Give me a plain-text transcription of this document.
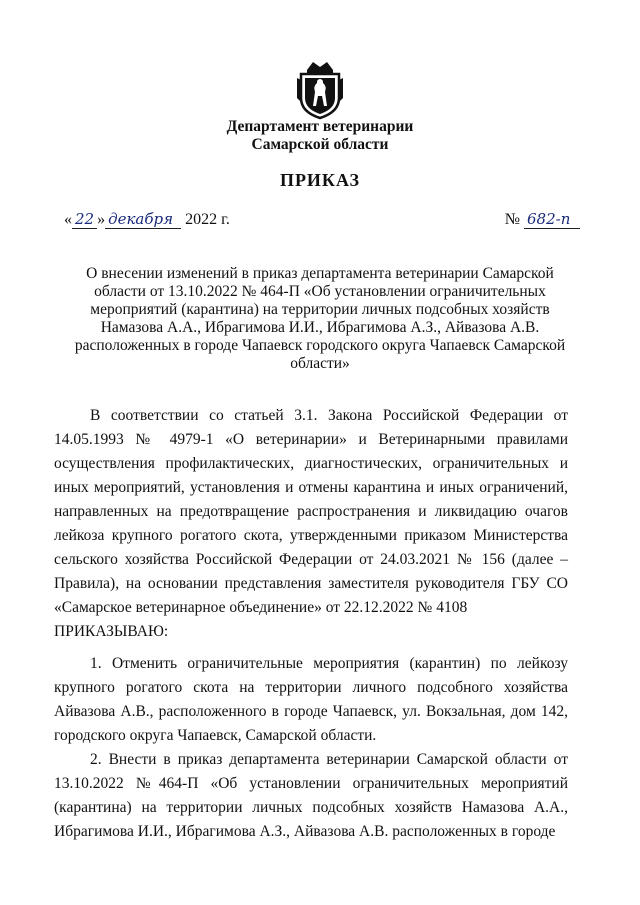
Департамент ветеринарии
Самарской области
ПРИКАЗ
« 22 » декабря 2022 г.	№ 682-п
О внесении изменений в приказ департамента ветеринарии Самарской области от 13.10.2022 № 464-П «Об установлении ограничительных мероприятий (карантина) на территории личных подсобных хозяйств Намазова А.А., Ибрагимова И.И., Ибрагимова А.З., Айвазова А.В. расположенных в городе Чапаевск городского округа Чапаевск Самарской области»
В соответствии со статьей 3.1. Закона Российской Федерации от 14.05.1993 № 4979-1 «О ветеринарии» и Ветеринарными правилами осуществления профилактических, диагностических, ограничительных и иных мероприятий, установления и отмены карантина и иных ограничений, направленных на предотвращение распространения и ликвидацию очагов лейкоза крупного рогатого скота, утвержденными приказом Министерства сельского хозяйства Российской Федерации от 24.03.2021 № 156 (далее – Правила), на основании представления заместителя руководителя ГБУ СО «Самарское ветеринарное объединение» от 22.12.2022 № 4108
ПРИКАЗЫВАЮ:
1. Отменить ограничительные мероприятия (карантин) по лейкозу крупного рогатого скота на территории личного подсобного хозяйства Айвазова А.В., расположенного в городе Чапаевск, ул. Вокзальная, дом 142, городского округа Чапаевск, Самарской области.
2. Внести в приказ департамента ветеринарии Самарской области от 13.10.2022 №464-П «Об установлении ограничительных мероприятий (карантина) на территории личных подсобных хозяйств Намазова А.А., Ибрагимова И.И., Ибрагимова А.З., Айвазова А.В. расположенных в городе
